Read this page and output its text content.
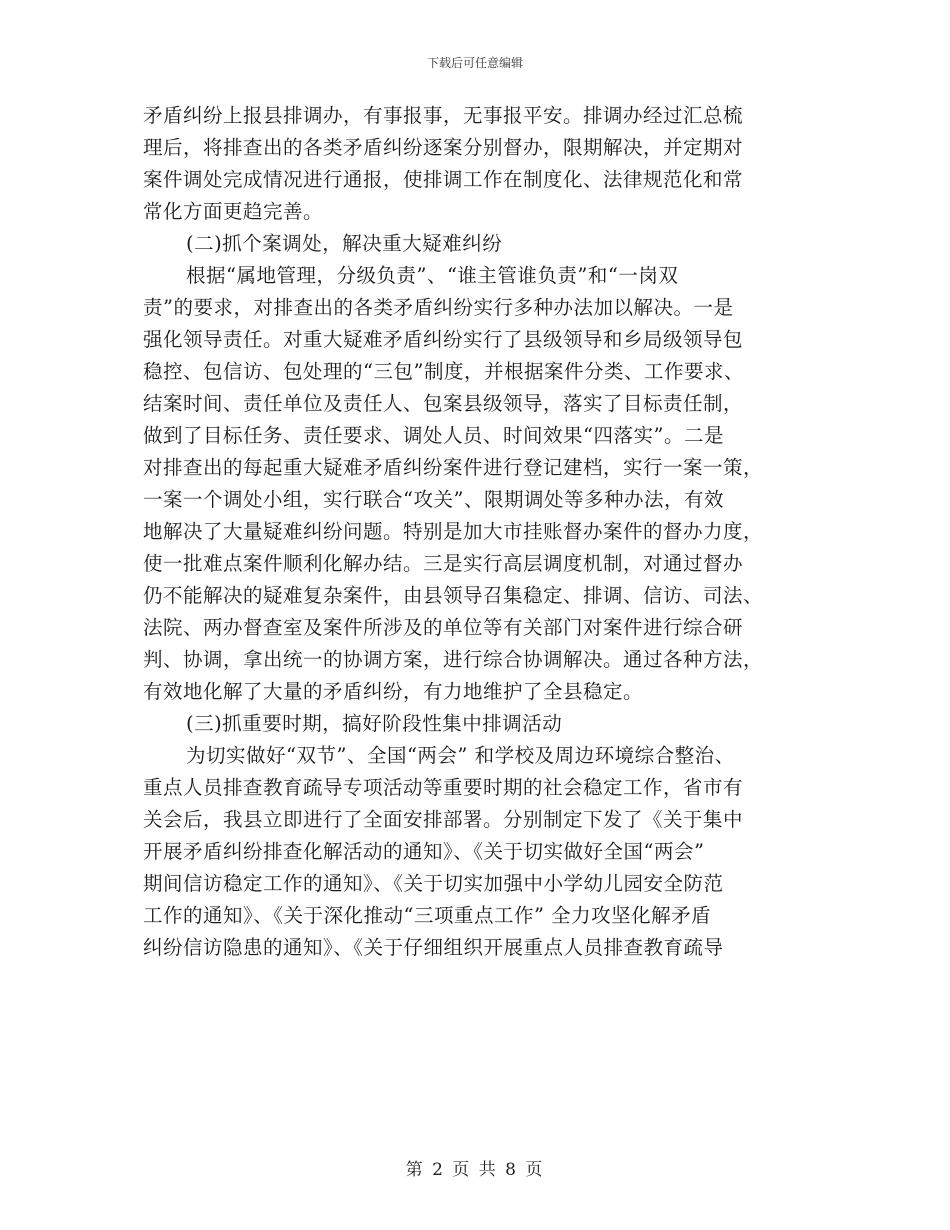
下载后可任意编辑
矛盾纠纷上报县排调办，有事报事，无事报平安。排调办经过汇总梳
理后，将排查出的各类矛盾纠纷逐案分别督办，限期解决，并定期对
案件调处完成情况进行通报，使排调工作在制度化、法律规范化和常
常化方面更趋完善。
(二)抓个案调处，解决重大疑难纠纷
根据“属地管理，分级负责”、“谁主管谁负责”和“一岗双
责”的要求，对排查出的各类矛盾纠纷实行多种办法加以解决。一是
强化领导责任。对重大疑难矛盾纠纷实行了县级领导和乡局级领导包
稳控、包信访、包处理的“三包”制度，并根据案件分类、工作要求、
结案时间、责任单位及责任人、包案县级领导，落实了目标责任制，
做到了目标任务、责任要求、调处人员、时间效果“四落实”。二是
对排查出的每起重大疑难矛盾纠纷案件进行登记建档，实行一案一策，
一案一个调处小组，实行联合“攻关”、限期调处等多种办法，有效
地解决了大量疑难纠纷问题。特别是加大市挂账督办案件的督办力度，
使一批难点案件顺利化解办结。三是实行高层调度机制，对通过督办
仍不能解决的疑难复杂案件，由县领导召集稳定、排调、信访、司法、
法院、两办督查室及案件所涉及的单位等有关部门对案件进行综合研
判、协调，拿出统一的协调方案，进行综合协调解决。通过各种方法，
有效地化解了大量的矛盾纠纷，有力地维护了全县稳定。
(三)抓重要时期，搞好阶段性集中排调活动
为切实做好“双节”、全国“两会” 和学校及周边环境综合整治、
重点人员排查教育疏导专项活动等重要时期的社会稳定工作，省市有
关会后，我县立即进行了全面安排部署。分别制定下发了《关于集中
开展矛盾纠纷排查化解活动的通知》、《关于切实做好全国“两会”
期间信访稳定工作的通知》、《关于切实加强中小学幼儿园安全防范
工作的通知》、《关于深化推动“三项重点工作” 全力攻坚化解矛盾
纠纷信访隐患的通知》、《关于仔细组织开展重点人员排查教育疏导
第 2 页 共 8 页
